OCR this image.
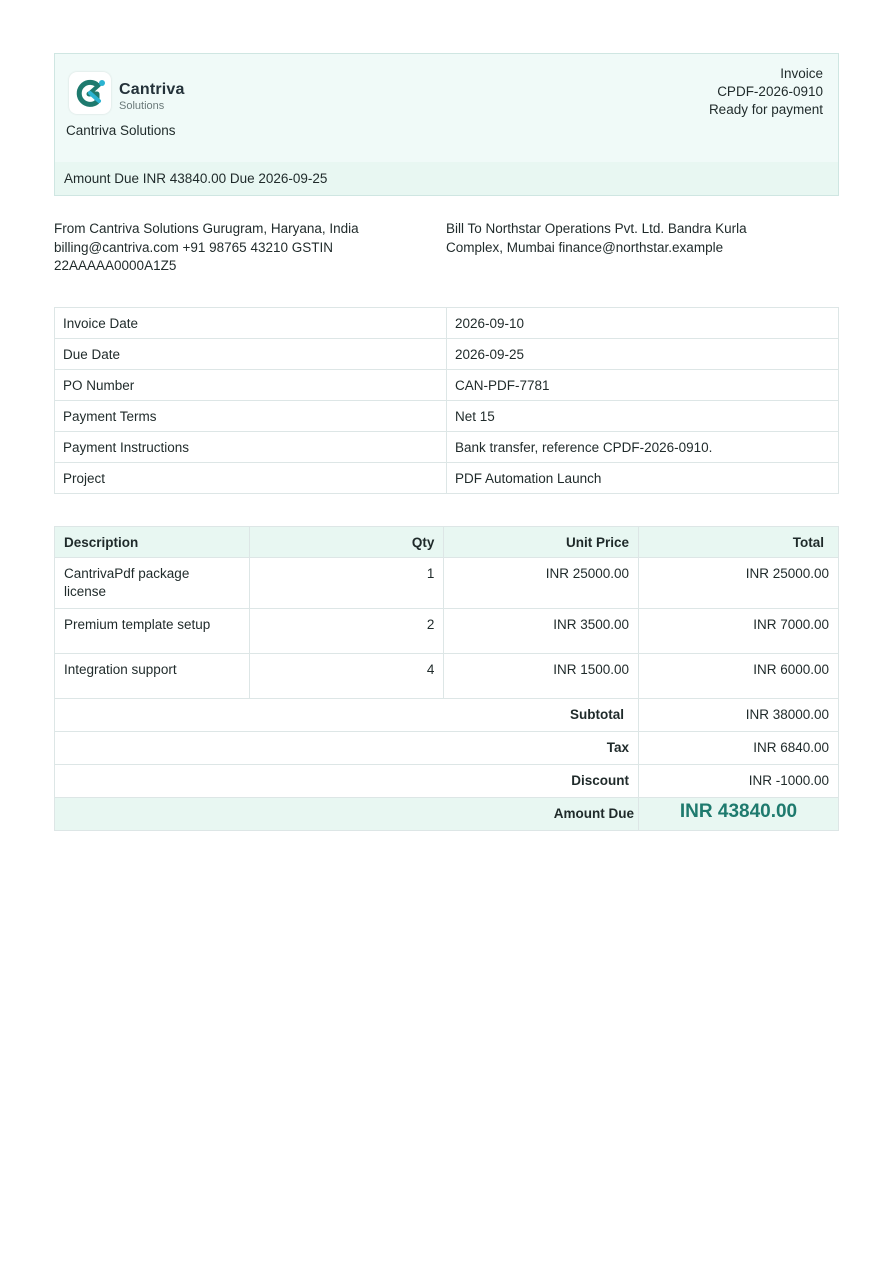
Cantriva
Solutions
Cantriva Solutions
Invoice
CPDF-2026-0910
Ready for payment
Amount Due INR 43840.00 Due 2026-09-25
From Cantriva Solutions Gurugram, Haryana, India billing@cantriva.com +91 98765 43210 GSTIN 22AAAAA0000A1Z5
Bill To Northstar Operations Pvt. Ltd. Bandra Kurla Complex, Mumbai finance@northstar.example
Invoice Date	2026-09-10
Due Date	2026-09-25
PO Number	CAN-PDF-7781
Payment Terms	Net 15
Payment Instructions	Bank transfer, reference CPDF-2026-0910.
Project	PDF Automation Launch
Description	Qty	Unit Price	Total
CantrivaPdf package license	1	INR 25000.00	INR 25000.00
Premium template setup	2	INR 3500.00	INR 7000.00
Integration support	4	INR 1500.00	INR 6000.00
Subtotal			INR 38000.00
Tax			INR 6840.00
Discount			INR -1000.00
Amount Due			INR 43840.00
